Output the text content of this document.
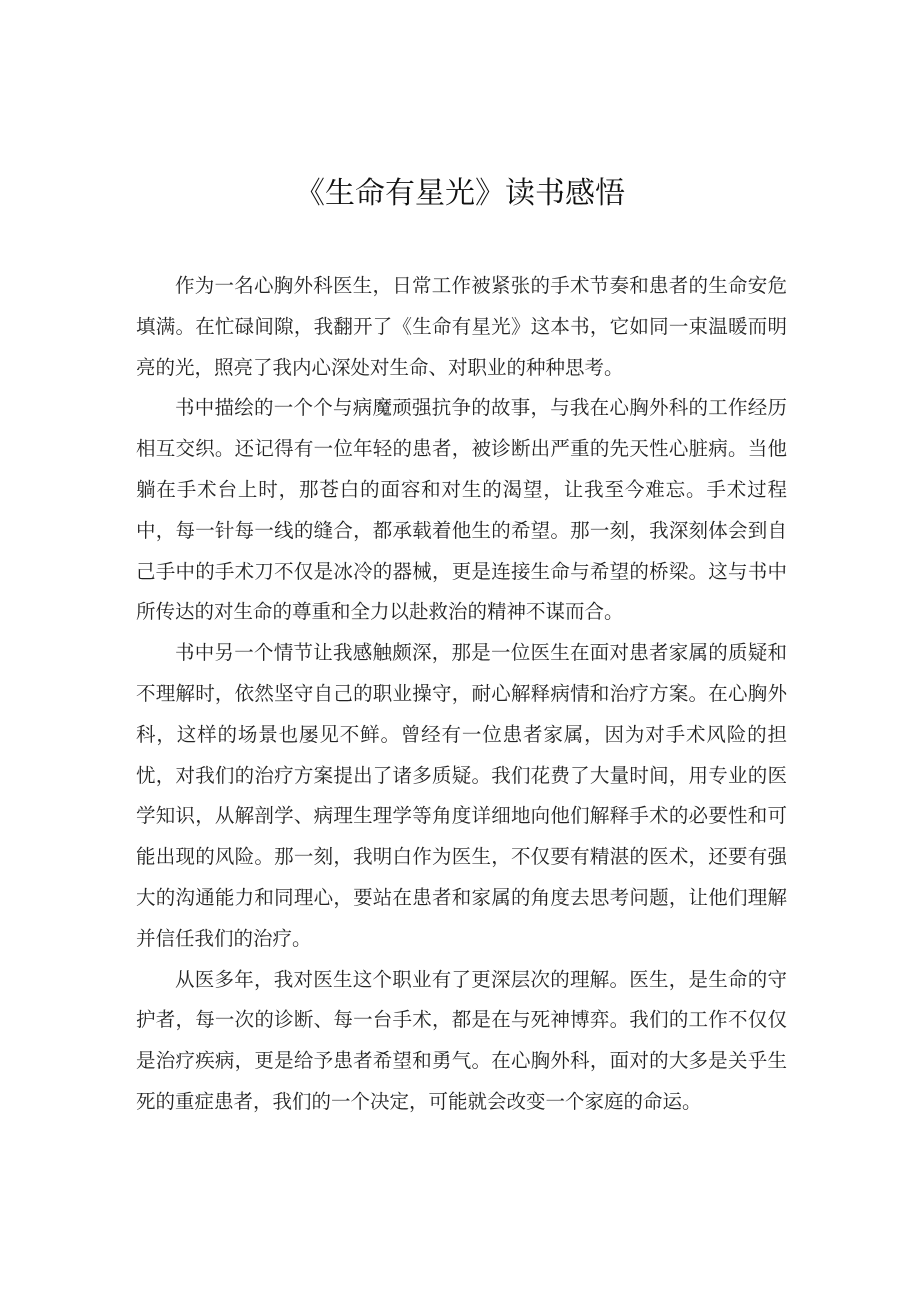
《生命有星光》读书感悟

作为一名心胸外科医生，日常工作被紧张的手术节奏和患者的生命安危填满。在忙碌间隙，我翻开了《生命有星光》这本书，它如同一束温暖而明亮的光，照亮了我内心深处对生命、对职业的种种思考。

书中描绘的一个个与病魔顽强抗争的故事，与我在心胸外科的工作经历相互交织。还记得有一位年轻的患者，被诊断出严重的先天性心脏病。当他躺在手术台上时，那苍白的面容和对生的渴望，让我至今难忘。手术过程中，每一针每一线的缝合，都承载着他生的希望。那一刻，我深刻体会到自己手中的手术刀不仅是冰冷的器械，更是连接生命与希望的桥梁。这与书中所传达的对生命的尊重和全力以赴救治的精神不谋而合。

书中另一个情节让我感触颇深，那是一位医生在面对患者家属的质疑和不理解时，依然坚守自己的职业操守，耐心解释病情和治疗方案。在心胸外科，这样的场景也屡见不鲜。曾经有一位患者家属，因为对手术风险的担忧，对我们的治疗方案提出了诸多质疑。我们花费了大量时间，用专业的医学知识，从解剖学、病理生理学等角度详细地向他们解释手术的必要性和可能出现的风险。那一刻，我明白作为医生，不仅要有精湛的医术，还要有强大的沟通能力和同理心，要站在患者和家属的角度去思考问题，让他们理解并信任我们的治疗。

从医多年，我对医生这个职业有了更深层次的理解。医生，是生命的守护者，每一次的诊断、每一台手术，都是在与死神博弈。我们的工作不仅仅是治疗疾病，更是给予患者希望和勇气。在心胸外科，面对的大多是关乎生死的重症患者，我们的一个决定，可能就会改变一个家庭的命运。
